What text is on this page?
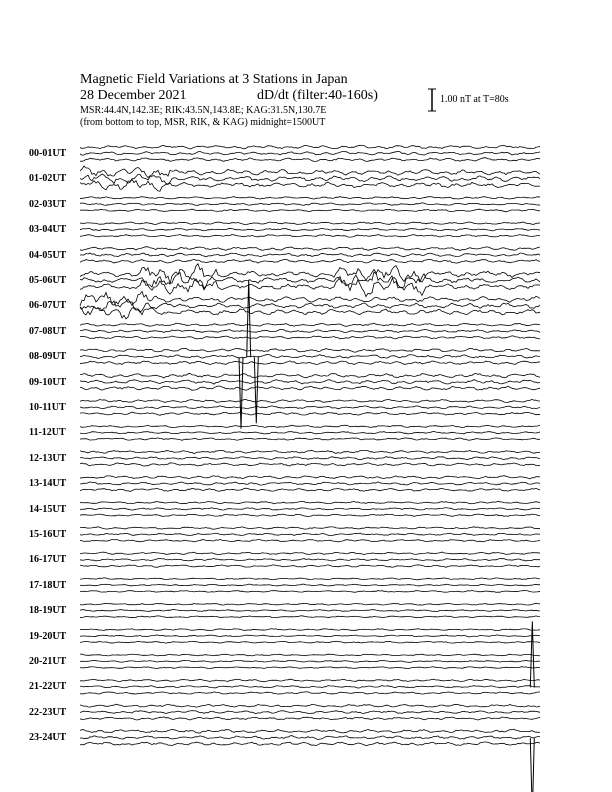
Magnetic Field Variations at 3 Stations in Japan
28 December 2021	dD/dt (filter:40-160s)
MSR:44.4N,142.3E; RIK:43.5N,143.8E; KAG:31.5N,130.7E
(from bottom to top, MSR, RIK, & KAG) midnight=1500UT
1.00 nT at T=80s
00-01UT
01-02UT
02-03UT
03-04UT
04-05UT
05-06UT
06-07UT
07-08UT
08-09UT
09-10UT
10-11UT
11-12UT
12-13UT
13-14UT
14-15UT
15-16UT
16-17UT
17-18UT
18-19UT
19-20UT
20-21UT
21-22UT
22-23UT
23-24UT
